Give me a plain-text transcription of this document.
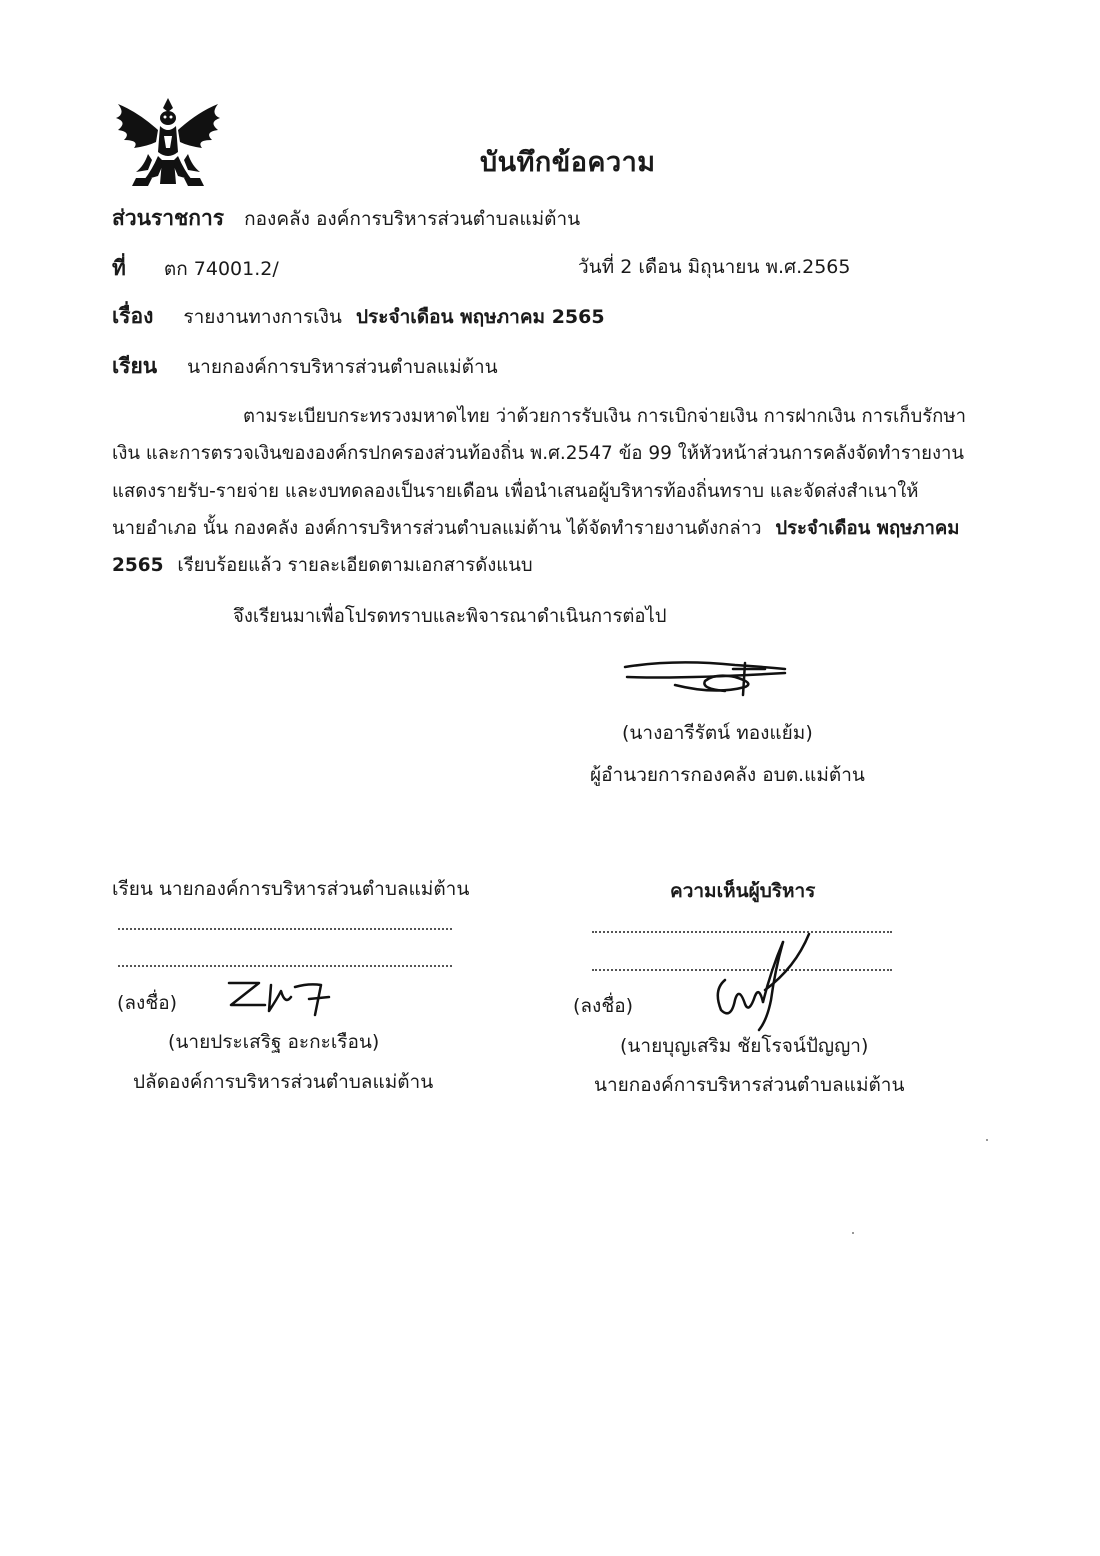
บันทึกข้อความ
ส่วนราชการ กองคลัง องค์การบริหารส่วนตำบลแม่ต้าน
ที่ ตก 74001.2/	วันที่ 2 เดือน มิถุนายน พ.ศ.2565
เรื่อง รายงานทางการเงิน ประจำเดือน พฤษภาคม 2565
เรียน นายกองค์การบริหารส่วนตำบลแม่ต้าน
ตามระเบียบกระทรวงมหาดไทย ว่าด้วยการรับเงิน การเบิกจ่ายเงิน การฝากเงิน การเก็บรักษา
เงิน และการตรวจเงินขององค์กรปกครองส่วนท้องถิ่น พ.ศ.2547 ข้อ 99 ให้หัวหน้าส่วนการคลังจัดทำรายงาน
แสดงรายรับ-รายจ่าย และงบทดลองเป็นรายเดือน เพื่อนำเสนอผู้บริหารท้องถิ่นทราบ และจัดส่งสำเนาให้
นายอำเภอ นั้น กองคลัง องค์การบริหารส่วนตำบลแม่ต้าน ได้จัดทำรายงานดังกล่าว ประจำเดือน พฤษภาคม
2565 เรียบร้อยแล้ว รายละเอียดตามเอกสารดังแนบ
จึงเรียนมาเพื่อโปรดทราบและพิจารณาดำเนินการต่อไป
(นางอารีรัตน์ ทองแย้ม)
ผู้อำนวยการกองคลัง อบต.แม่ต้าน
เรียน นายกองค์การบริหารส่วนตำบลแม่ต้าน
(ลงชื่อ)
(นายประเสริฐ อะกะเรือน)
ปลัดองค์การบริหารส่วนตำบลแม่ต้าน
ความเห็นผู้บริหาร
(ลงชื่อ)
(นายบุญเสริม ชัยโรจน์ปัญญา)
นายกองค์การบริหารส่วนตำบลแม่ต้าน
